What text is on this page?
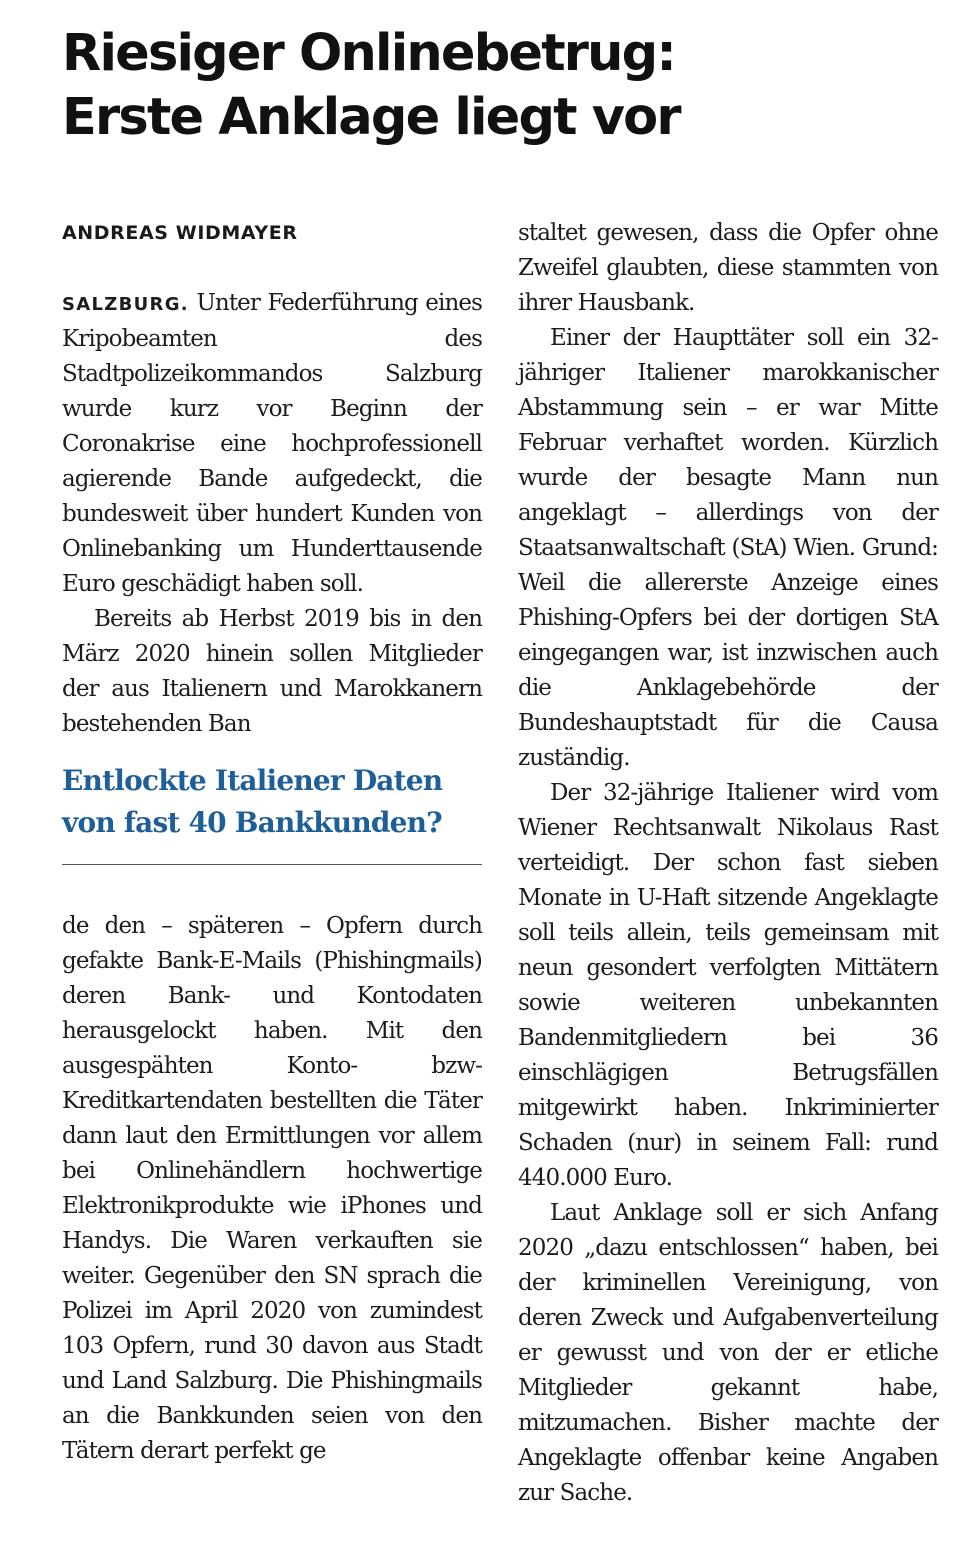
Riesiger Onlinebetrug:
Erste Anklage liegt vor
ANDREAS WIDMAYER

SALZBURG. Unter Federführung eines Kripobeamten des Stadtpolizeikommandos Salzburg wurde kurz vor Beginn der Coronakrise eine hochprofessionell agierende Bande aufgedeckt, die bundesweit über hundert Kunden von Onlinebanking um Hunderttausende Euro geschädigt haben soll.

Bereits ab Herbst 2019 bis in den März 2020 hinein sollen Mitglieder der aus Italienern und Marokkanern bestehenden Ban

Entlockte Italiener Daten von fast 40 Bankkunden?

de den – späteren – Opfern durch gefakte Bank-E-Mails (Phishingmails) deren Bank- und Kontodaten herausgelockt haben. Mit den ausgespähten Konto- bzw- Kreditkartendaten bestellten die Täter dann laut den Ermittlungen vor allem bei Onlinehändlern hochwertige Elektronikprodukte wie iPhones und Handys. Die Waren verkauften sie weiter. Gegenüber den SN sprach die Polizei im April 2020 von zumindest 103 Opfern, rund 30 davon aus Stadt und Land Salzburg. Die Phishingmails an die Bankkunden seien von den Tätern derart perfekt ge

staltet gewesen, dass die Opfer ohne Zweifel glaubten, diese stammten von ihrer Hausbank.

Einer der Haupttäter soll ein 32-jähriger Italiener marokkanischer Abstammung sein – er war Mitte Februar verhaftet worden. Kürzlich wurde der besagte Mann nun angeklagt – allerdings von der Staatsanwaltschaft (StA) Wien. Grund: Weil die allererste Anzeige eines Phishing-Opfers bei der dortigen StA eingegangen war, ist inzwischen auch die Anklagebehörde der Bundeshauptstadt für die Causa zuständig.

Der 32-jährige Italiener wird vom Wiener Rechtsanwalt Nikolaus Rast verteidigt. Der schon fast sieben Monate in U-Haft sitzende Angeklagte soll teils allein, teils gemeinsam mit neun gesondert verfolgten Mittätern sowie weiteren unbekannten Bandenmitgliedern bei 36 einschlägigen Betrugsfällen mitgewirkt haben. Inkriminierter Schaden (nur) in seinem Fall: rund 440.000 Euro.

Laut Anklage soll er sich Anfang 2020 „dazu entschlossen“ haben, bei der kriminellen Vereinigung, von deren Zweck und Aufgabenverteilung er gewusst und von der er etliche Mitglieder gekannt habe, mitzumachen. Bisher machte der Angeklagte offenbar keine Angaben zur Sache.
